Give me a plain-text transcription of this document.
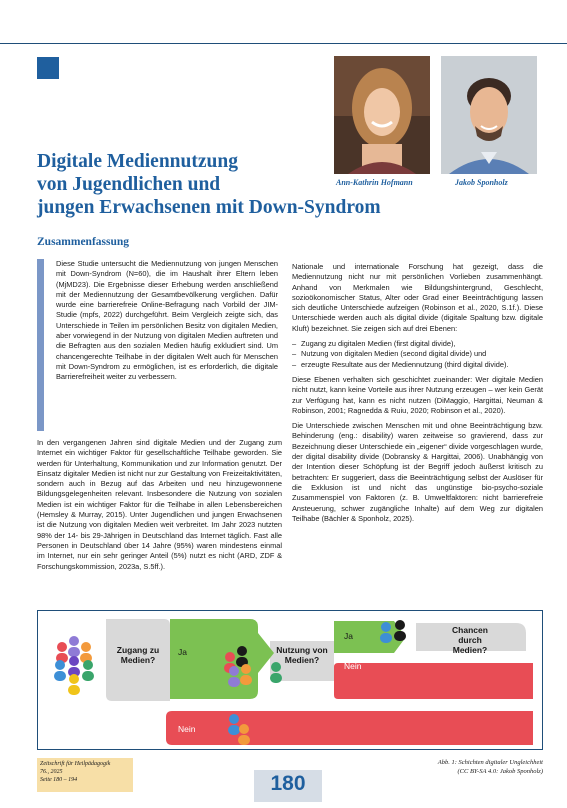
Ann-Kathrin Hofmann	Jakob Sponholz
Digitale Mediennutzung
von Jugendlichen und
jungen Erwachsenen mit Down-Syndrom
Zusammenfassung

Diese Studie untersucht die Mediennutzung von jungen Menschen mit Down-Syndrom (N=60), die im Haushalt ihrer Eltern leben (MjMD23). Die Ergebnisse dieser Erhebung werden anschließend mit der Mediennutzung der Gesamtbevölkerung verglichen. Dafür wurde eine barrierefreie Online-Befragung nach Vorbild der JIM-Studie (mpfs, 2022) durchgeführt. Beim Vergleich zeigte sich, das Unterschiede in Teilen im persönlichen Besitz von digitalen Medien, aber vorwiegend in der Nutzung von digitalen Medien auftreten und die Befragten aus den sozialen Medien häufig exkludiert sind. Um chancengerechte Teilhabe in der digitalen Welt auch für Menschen mit Down-Syndrom zu ermöglichen, ist es erforderlich, die digitale Barrierefreiheit weiter zu verbessern.

In den vergangenen Jahren sind digitale Medien und der Zugang zum Internet ein wichtiger Faktor für gesellschaftliche Teilhabe geworden. Sie werden für Unterhaltung, Kommunikation und zur Information genutzt. Der Einsatz digitaler Medien ist nicht nur zur Gestaltung von Freizeitaktivitäten, sondern auch in Bezug auf das Arbeiten und neu hinzugewonnene Bildungsgelegenheiten relevant. Insbesondere die Nutzung von sozialen Medien ist ein wichtiger Faktor für die Teilhabe in allen Lebensbereichen (Hemsley & Murray, 2015). Unter Jugendlichen und jungen Erwachsenen ist die Nutzung von digitalen Medien weit verbreitet. Im Jahr 2023 nutzten 98% der 14- bis 29-Jährigen in Deutschland das Internet täglich. Fast alle Personen in Deutschland über 14 Jahre (95%) waren mindestens einmal im Internet, nur ein sehr geringer Anteil (5%) nutzt es nicht (ARD, ZDF & Forschungskommission, 2023a, S.5ff.).

Nationale und internationale Forschung hat gezeigt, dass die Mediennutzung nicht nur mit persönlichen Vorlieben zusammenhängt. Anhand von Merkmalen wie Bildungshintergrund, Geschlecht, sozioökonomischer Status, Alter oder Grad einer Beeinträchtigung lassen sich deutliche Unterschiede aufzeigen (Robinson et al., 2020, S.1f.). Diese Unterschiede werden auch als digital divide (digitale Spaltung bzw. digitale Kluft) bezeichnet. Sie zeigen sich auf drei Ebenen:

– Zugang zu digitalen Medien (first digital divide),
– Nutzung von digitalen Medien (second digital divide) und
– erzeugte Resultate aus der Mediennutzung (third digital divide).

Diese Ebenen verhalten sich geschichtet zueinander: Wer digitale Medien nicht nutzt, kann keine Vorteile aus ihrer Nutzung erzeugen – wer kein Gerät zur Verfügung hat, kann es nicht nutzen (DiMaggio, Hargittai, Neuman & Robinson, 2001; Ragnedda & Ruiu, 2020; Robinson et al., 2020).

Die Unterschiede zwischen Menschen mit und ohne Beeinträchtigung bzw. Behinderung (eng.: disability) waren zeitweise so gravierend, dass zur Bezeichnung dieser Unterschiede ein „eigener“ divide vorgeschlagen wurde, der digital disability divide (Dobransky & Hargittai, 2006). Unabhängig von der Intention dieser Schöpfung ist der Begriff jedoch äußerst kritisch zu betrachten: Er suggeriert, dass die Beeinträchtigung selbst der Auslöser für die Exklusion ist und nicht das ungünstige bio-psycho-soziale Zusammenspiel von Faktoren (z. B. Umweltfaktoren: nicht barrierefreie Ansteuerung, schwer zugängliche Inhalte) auf dem Weg zur digitalen Teilhabe (Bächler & Sponholz, 2025).

Zugang zu Medien?
Nutzung von Medien?
Chancen durch Medien?
Ja
Ja
Nein
Nein
Zeitschrift für Heilpädagogik
76., 2025
Seite 180 – 194	180
Abb. 1: Schichten digitaler Ungleichheit
(CC BY-SA 4.0: Jakob Sponholz)
